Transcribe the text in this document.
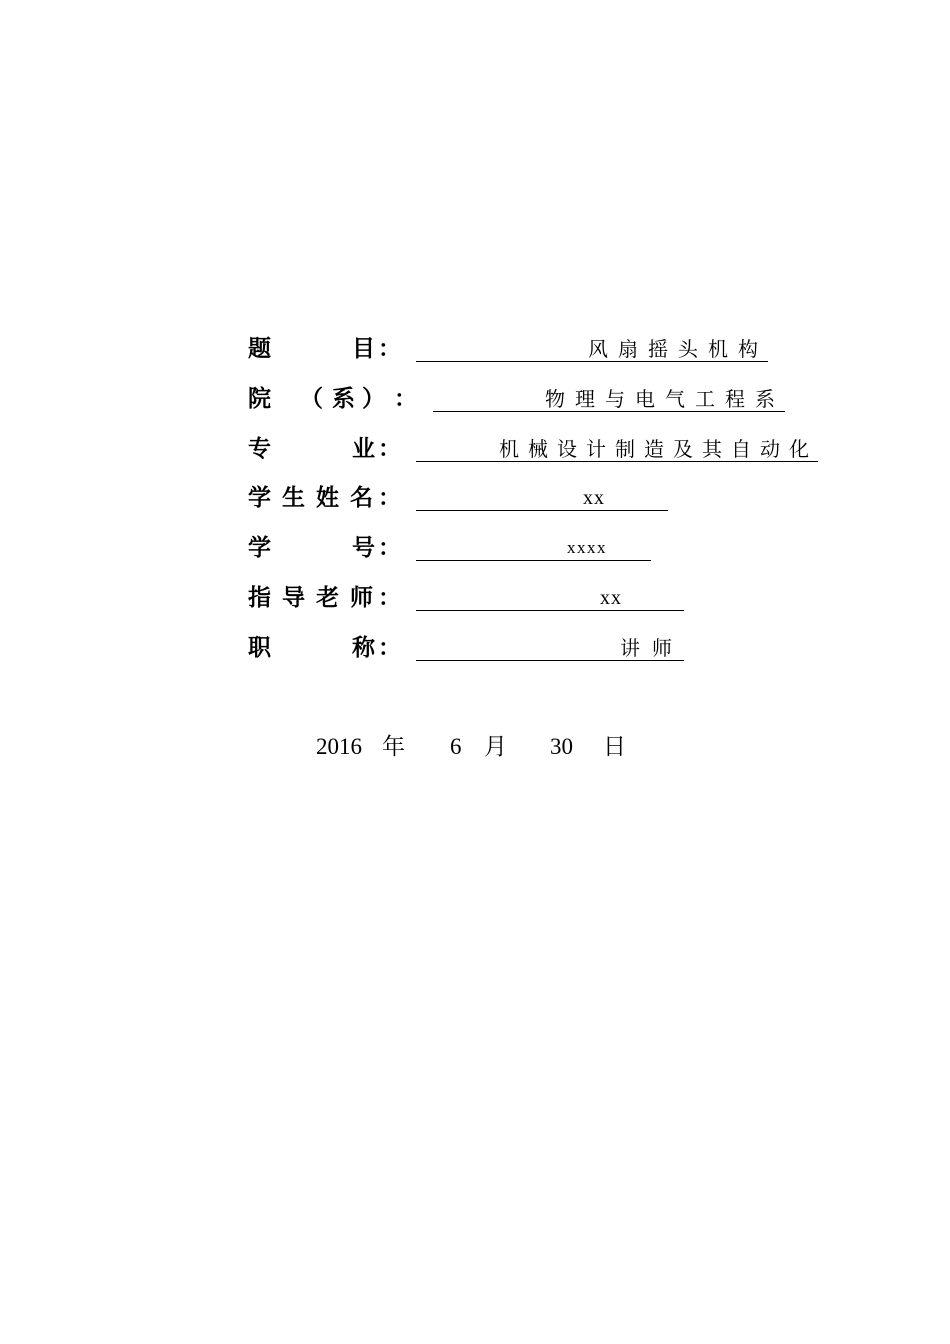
题	目 ：	风扇摇头机构
院 （ 系 ） ：	物理与电气工程系
专	业 ：	机械设计制造及其自动化
学 生 姓 名 ：	xx
学	号 ：	xxxx
指 导 老 师 ：	xx
职	称 ：	讲师
2016 年 6 月 30 日
